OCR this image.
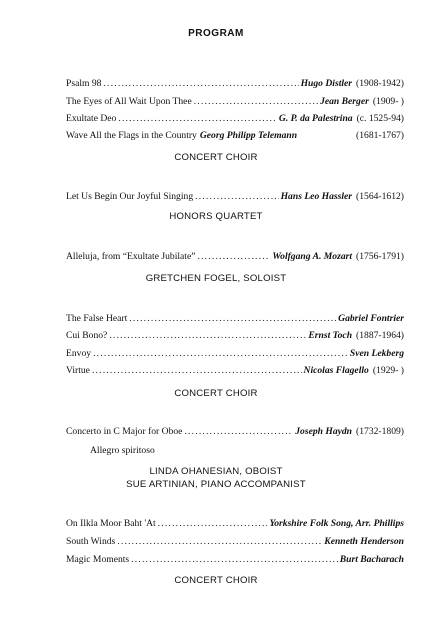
PROGRAM
Psalm 98 .....	Hugo Distler (1908-1942)
The Eyes of All Wait Upon Thee .....	Jean Berger (1909- )
Exultate Deo .....	G. P. da Palestrina (c. 1525-94)
Wave All the Flags in the Country Georg Philipp Telemann	(1681-1767)
CONCERT CHOIR
Let Us Begin Our Joyful Singing .....	Hans Leo Hassler (1564-1612)
HONORS QUARTET
Alleluja, from “Exultate Jubilate” .....	Wolfgang A. Mozart (1756-1791)
GRETCHEN FOGEL, SOLOIST
The False Heart .....	Gabriel Fontrier
Cui Bono? .....	Ernst Toch (1887-1964)
Envoy .....	Sven Lekberg
Virtue .....	Nicolas Flagello (1929- )
CONCERT CHOIR
Concerto in C Major for Oboe .....	Joseph Haydn (1732-1809)
Allegro spiritoso
LINDA OHANESIAN, OBOIST
SUE ARTINIAN, PIANO ACCOMPANIST
On Ilkla Moor Baht 'At .....	Yorkshire Folk Song, Arr. Phillips
South Winds .....	Kenneth Henderson
Magic Moments .....	Burt Bacharach
CONCERT CHOIR
